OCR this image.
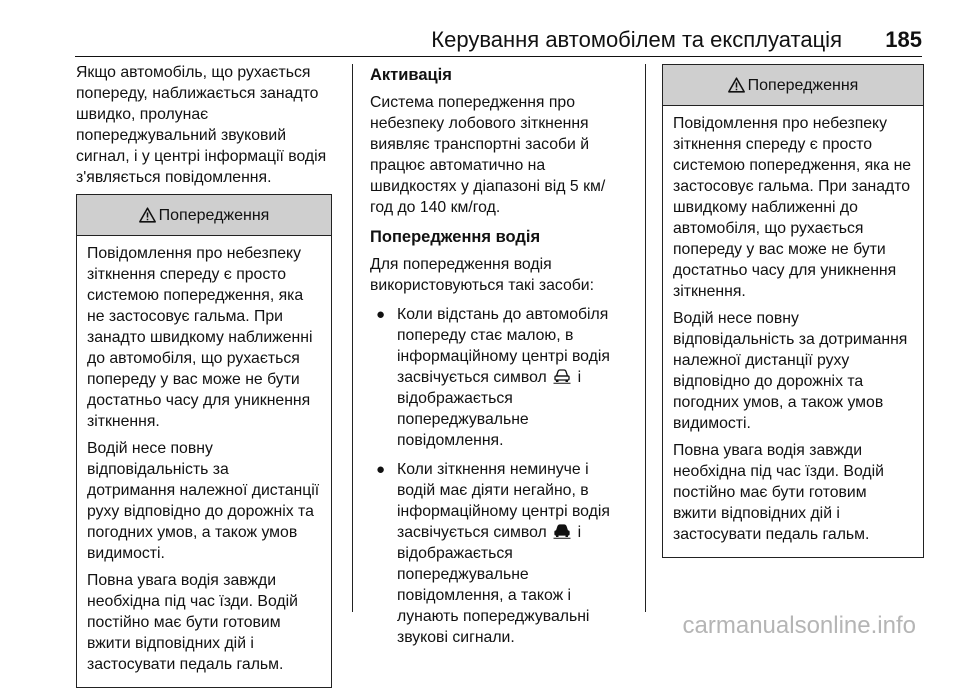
Керування автомобілем та експлуатація 185

Якщо автомобіль, що рухається попереду, наближається занадто швидко, пролунає попереджувальний звуковий сигнал, і у центрі інформації водія з'являється повідомлення.

Попередження

Повідомлення про небезпеку зіткнення спереду є просто системою попередження, яка не застосовує гальма. При занадто швидкому наближенні до автомобіля, що рухається попереду у вас може не бути достатньо часу для уникнення зіткнення.

Водій несе повну відповідальність за дотримання належної дистанції руху відповідно до дорожніх та погодних умов, а також умов видимості.

Повна увага водія завжди необхідна під час їзди. Водій постійно має бути готовим вжити відповідних дій і застосувати педаль гальм.

Активація

Система попередження про небезпеку лобового зіткнення виявляє транспортні засоби й працює автоматично на швидкостях у діапазоні від 5 км/год до 140 км/год.

Попередження водія

Для попередження водія використовуються такі засоби:

● Коли відстань до автомобіля попереду стає малою, в інформаційному центрі водія засвічується символ і відображається попереджувальне повідомлення.
● Коли зіткнення неминуче і водій має діяти негайно, в інформаційному центрі водія засвічується символ і відображається попереджувальне повідомлення, а також і лунають попереджувальні звукові сигнали.
Попередження

Повідомлення про небезпеку зіткнення спереду є просто системою попередження, яка не застосовує гальма. При занадто швидкому наближенні до автомобіля, що рухається попереду у вас може не бути достатньо часу для уникнення зіткнення.

Водій несе повну відповідальність за дотримання належної дистанції руху відповідно до дорожніх та погодних умов, а також умов видимості.

Повна увага водія завжди необхідна під час їзди. Водій постійно має бути готовим вжити відповідних дій і застосувати педаль гальм.

carmanualsonline.info
